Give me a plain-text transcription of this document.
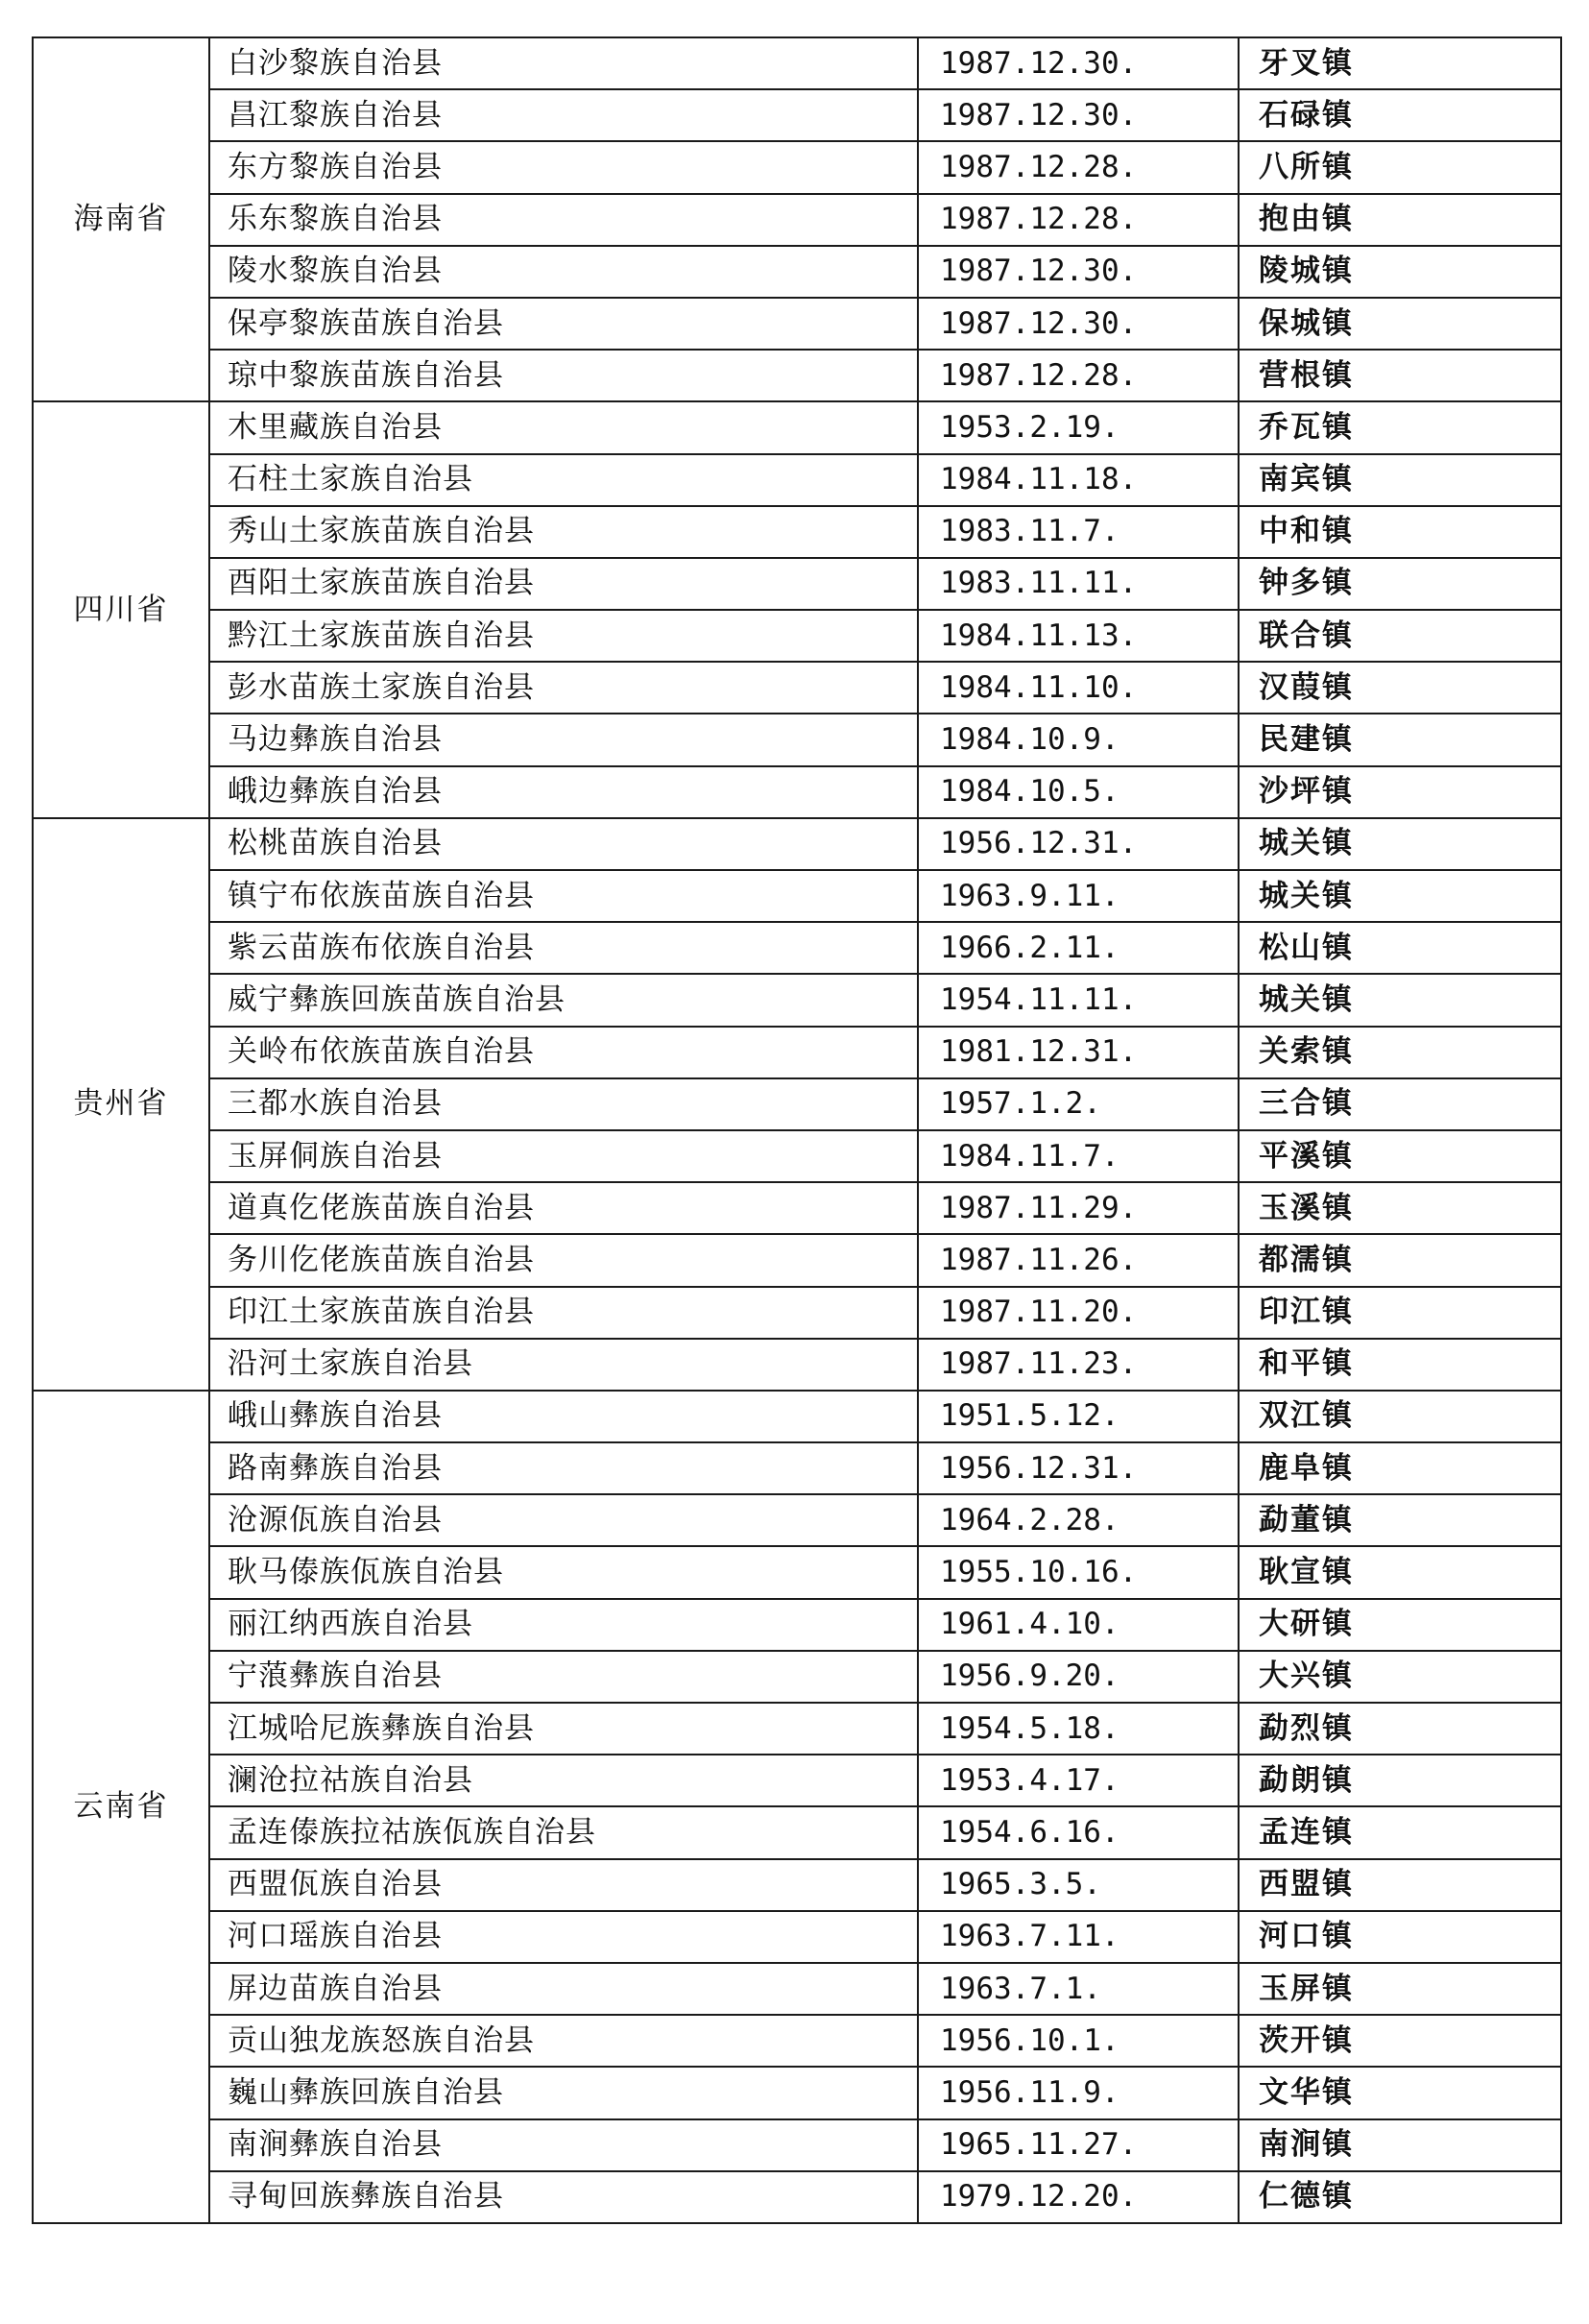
海南省	白沙黎族自治县	1987.12.30.	牙叉镇
	昌江黎族自治县	1987.12.30.	石碌镇
	东方黎族自治县	1987.12.28.	八所镇
	乐东黎族自治县	1987.12.28.	抱由镇
	陵水黎族自治县	1987.12.30.	陵城镇
	保亭黎族苗族自治县	1987.12.30.	保城镇
	琼中黎族苗族自治县	1987.12.28.	营根镇
四川省	木里藏族自治县	1953.2.19.	乔瓦镇
	石柱土家族自治县	1984.11.18.	南宾镇
	秀山土家族苗族自治县	1983.11.7.	中和镇
	酉阳土家族苗族自治县	1983.11.11.	钟多镇
	黔江土家族苗族自治县	1984.11.13.	联合镇
	彭水苗族土家族自治县	1984.11.10.	汉葭镇
	马边彝族自治县	1984.10.9.	民建镇
	峨边彝族自治县	1984.10.5.	沙坪镇
贵州省	松桃苗族自治县	1956.12.31.	城关镇
	镇宁布依族苗族自治县	1963.9.11.	城关镇
	紫云苗族布依族自治县	1966.2.11.	松山镇
	威宁彝族回族苗族自治县	1954.11.11.	城关镇
	关岭布依族苗族自治县	1981.12.31.	关索镇
	三都水族自治县	1957.1.2.	三合镇
	玉屏侗族自治县	1984.11.7.	平溪镇
	道真仡佬族苗族自治县	1987.11.29.	玉溪镇
	务川仡佬族苗族自治县	1987.11.26.	都濡镇
	印江土家族苗族自治县	1987.11.20.	印江镇
	沿河土家族自治县	1987.11.23.	和平镇
云南省	峨山彝族自治县	1951.5.12.	双江镇
	路南彝族自治县	1956.12.31.	鹿阜镇
	沧源佤族自治县	1964.2.28.	勐董镇
	耿马傣族佤族自治县	1955.10.16.	耿宣镇
	丽江纳西族自治县	1961.4.10.	大研镇
	宁蒗彝族自治县	1956.9.20.	大兴镇
	江城哈尼族彝族自治县	1954.5.18.	勐烈镇
	澜沧拉祜族自治县	1953.4.17.	勐朗镇
	孟连傣族拉祜族佤族自治县	1954.6.16.	孟连镇
	西盟佤族自治县	1965.3.5.	西盟镇
	河口瑶族自治县	1963.7.11.	河口镇
	屏边苗族自治县	1963.7.1.	玉屏镇
	贡山独龙族怒族自治县	1956.10.1.	茨开镇
	巍山彝族回族自治县	1956.11.9.	文华镇
	南涧彝族自治县	1965.11.27.	南涧镇
	寻甸回族彝族自治县	1979.12.20.	仁德镇
